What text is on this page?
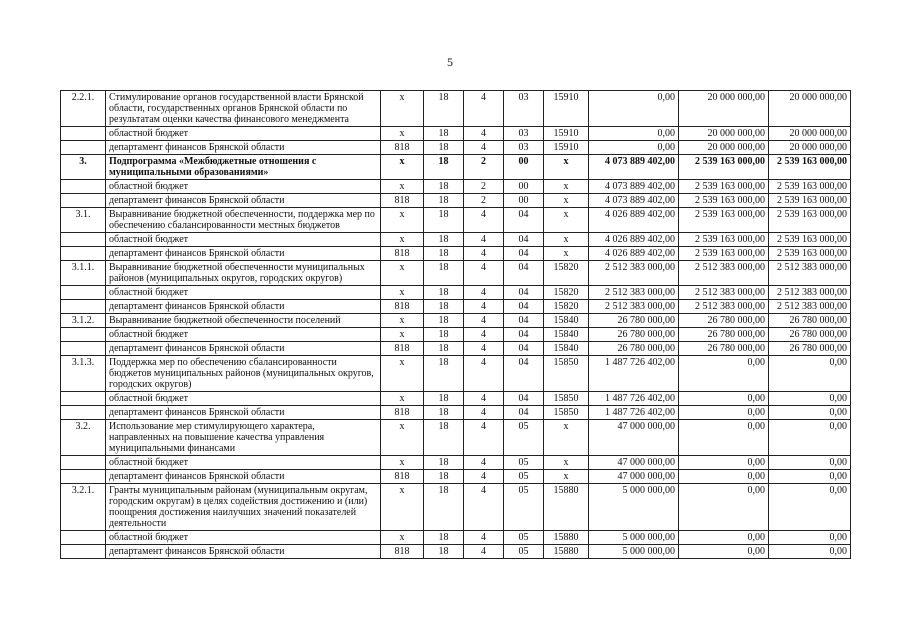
5
2.2.1.	Стимулирование органов государственной власти Брянской области, государственных органов Брянской области по результатам оценки качества финансового менеджмента	х	18	4	03	15910	0,00	20 000 000,00	20 000 000,00
	областной бюджет	х	18	4	03	15910	0,00	20 000 000,00	20 000 000,00
	департамент финансов Брянской области	818	18	4	03	15910	0,00	20 000 000,00	20 000 000,00
3.	Подпрограмма «Межбюджетные отношения с муниципальными образованиями»	х	18	2	00	х	4 073 889 402,00	2 539 163 000,00	2 539 163 000,00
	областной бюджет	х	18	2	00	х	4 073 889 402,00	2 539 163 000,00	2 539 163 000,00
	департамент финансов Брянской области	818	18	2	00	х	4 073 889 402,00	2 539 163 000,00	2 539 163 000,00
3.1.	Выравнивание бюджетной обеспеченности, поддержка мер по обеспечению сбалансированности местных бюджетов	х	18	4	04	х	4 026 889 402,00	2 539 163 000,00	2 539 163 000,00
	областной бюджет	х	18	4	04	х	4 026 889 402,00	2 539 163 000,00	2 539 163 000,00
	департамент финансов Брянской области	818	18	4	04	х	4 026 889 402,00	2 539 163 000,00	2 539 163 000,00
3.1.1.	Выравнивание бюджетной обеспеченности муниципальных районов (муниципальных округов, городских округов)	х	18	4	04	15820	2 512 383 000,00	2 512 383 000,00	2 512 383 000,00
	областной бюджет	х	18	4	04	15820	2 512 383 000,00	2 512 383 000,00	2 512 383 000,00
	департамент финансов Брянской области	818	18	4	04	15820	2 512 383 000,00	2 512 383 000,00	2 512 383 000,00
3.1.2.	Выравнивание бюджетной обеспеченности поселений	х	18	4	04	15840	26 780 000,00	26 780 000,00	26 780 000,00
	областной бюджет	х	18	4	04	15840	26 780 000,00	26 780 000,00	26 780 000,00
	департамент финансов Брянской области	818	18	4	04	15840	26 780 000,00	26 780 000,00	26 780 000,00
3.1.3.	Поддержка мер по обеспечению сбалансированности бюджетов муниципальных районов (муниципальных округов, городских округов)	х	18	4	04	15850	1 487 726 402,00	0,00	0,00
	областной бюджет	х	18	4	04	15850	1 487 726 402,00	0,00	0,00
	департамент финансов Брянской области	818	18	4	04	15850	1 487 726 402,00	0,00	0,00
3.2.	Использование мер стимулирующего характера, направленных на повышение качества управления муниципальными финансами	х	18	4	05	х	47 000 000,00	0,00	0,00
	областной бюджет	х	18	4	05	х	47 000 000,00	0,00	0,00
	департамент финансов Брянской области	818	18	4	05	х	47 000 000,00	0,00	0,00
3.2.1.	Гранты муниципальным районам (муниципальным округам, городским округам) в целях содействия достижению и (или) поощрения достижения наилучших значений показателей деятельности	х	18	4	05	15880	5 000 000,00	0,00	0,00
	областной бюджет	х	18	4	05	15880	5 000 000,00	0,00	0,00
	департамент финансов Брянской области	818	18	4	05	15880	5 000 000,00	0,00	0,00
